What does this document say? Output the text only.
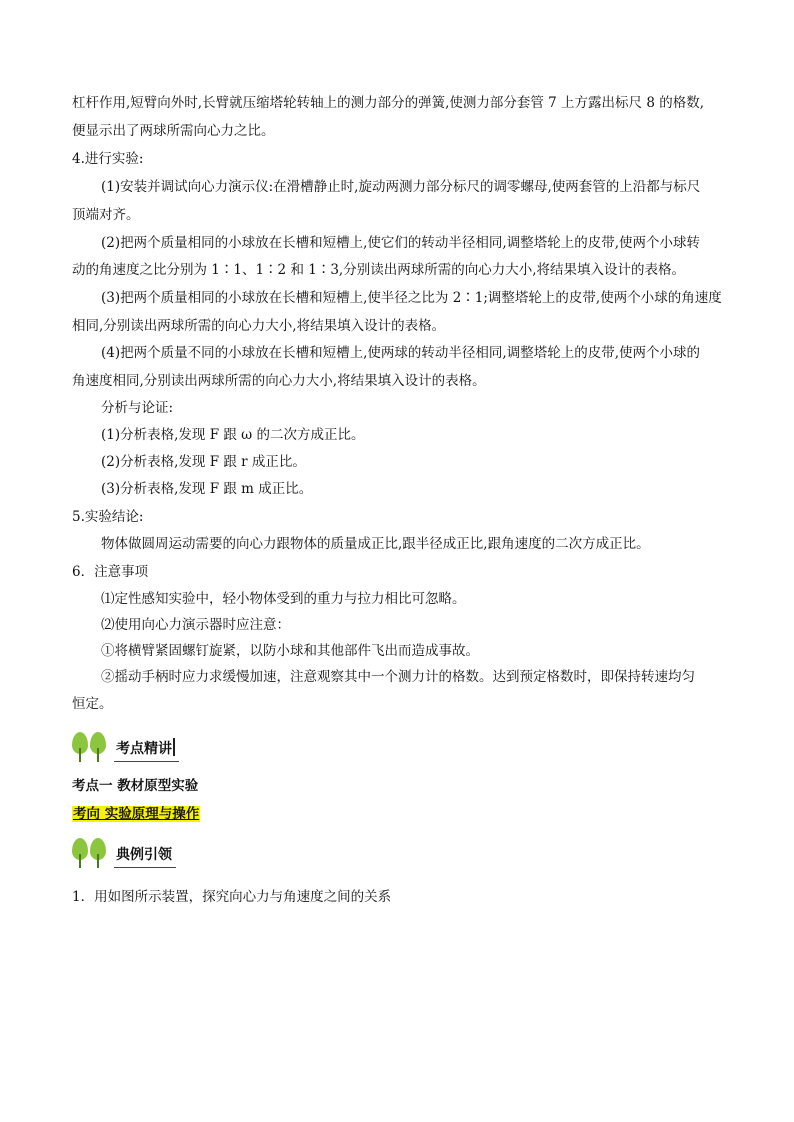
杠杆作用,短臂向外时,长臂就压缩塔轮转轴上的测力部分的弹簧,使测力部分套管 7 上方露出标尺 8 的格数,
便显示出了两球所需向心力之比。
4.进行实验:
(1)安装并调试向心力演示仪:在滑槽静止时,旋动两测力部分标尺的调零螺母,使两套管的上沿都与标尺
顶端对齐。
(2)把两个质量相同的小球放在长槽和短槽上,使它们的转动半径相同,调整塔轮上的皮带,使两个小球转
动的角速度之比分别为 1∶1、1∶2 和 1∶3,分别读出两球所需的向心力大小,将结果填入设计的表格。
(3)把两个质量相同的小球放在长槽和短槽上,使半径之比为 2∶1;调整塔轮上的皮带,使两个小球的角速度
相同,分别读出两球所需的向心力大小,将结果填入设计的表格。
(4)把两个质量不同的小球放在长槽和短槽上,使两球的转动半径相同,调整塔轮上的皮带,使两个小球的
角速度相同,分别读出两球所需的向心力大小,将结果填入设计的表格。
分析与论证:
(1)分析表格,发现 F 跟 ω 的二次方成正比。
(2)分析表格,发现 F 跟 r 成正比。
(3)分析表格,发现 F 跟 m 成正比。
5.实验结论:
物体做圆周运动需要的向心力跟物体的质量成正比,跟半径成正比,跟角速度的二次方成正比。
6．注意事项
⑴定性感知实验中，轻小物体受到的重力与拉力相比可忽略。
⑵使用向心力演示器时应注意：
①将横臂紧固螺钉旋紧，以防小球和其他部件飞出而造成事故。
②摇动手柄时应力求缓慢加速，注意观察其中一个测力计的格数。达到预定格数时，即保持转速均匀
恒定。
考点精讲
考点一 教材原型实验
考向 实验原理与操作
典例引领
1．用如图所示装置，探究向心力与角速度之间的关系
